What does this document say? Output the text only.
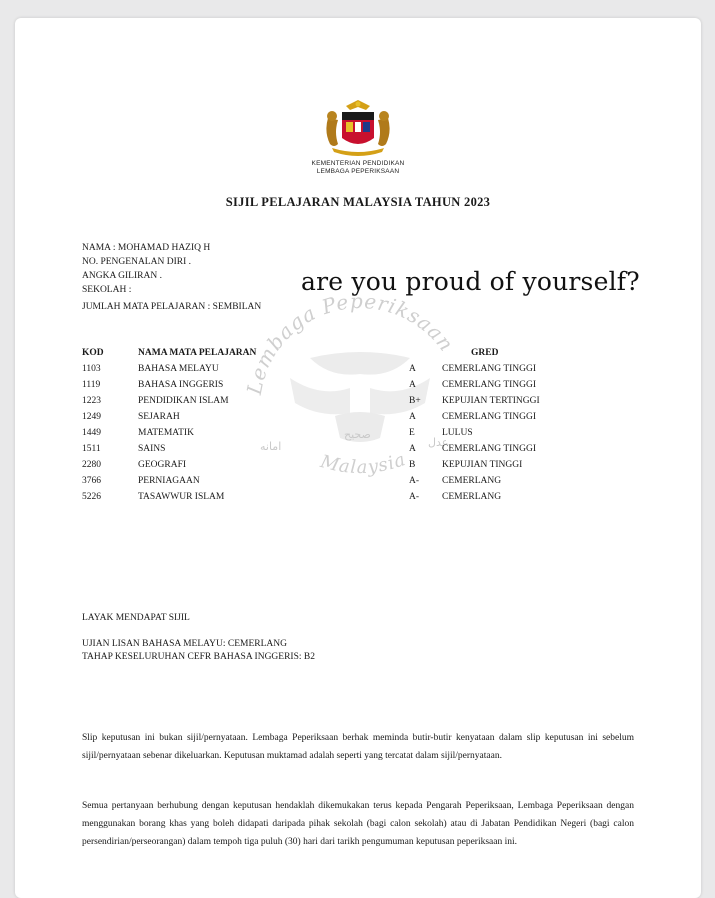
KEMENTERIAN PENDIDIKAN
LEMBAGA PEPERIKSAAN
SIJIL PELAJARAN MALAYSIA TAHUN 2023
NAMA : MOHAMAD HAZIQ H
NO. PENGENALAN DIRI .
ANGKA GILIRAN .
SEKOLAH :
JUMLAH MATA PELAJARAN : SEMBILAN
Lembaga Peperiksaan
Malaysia
امانه
صحيح
عدل
are you proud of yourself?
KOD	NAMA MATA PELAJARAN	GRED
1103	BAHASA MELAYU	A	CEMERLANG TINGGI
1119	BAHASA INGGERIS	A	CEMERLANG TINGGI
1223	PENDIDIKAN ISLAM	B+ KEPUJIAN TERTINGGI
1249	SEJARAH	A	CEMERLANG TINGGI
1449	MATEMATIK	E	LULUS
1511	SAINS	A	CEMERLANG TINGGI
2280	GEOGRAFI	B	KEPUJIAN TINGGI
3766	PERNIAGAAN	A- CEMERLANG
5226	TASAWWUR ISLAM	A- CEMERLANG
LAYAK MENDAPAT SIJIL
UJIAN LISAN BAHASA MELAYU: CEMERLANG
TAHAP KESELURUHAN CEFR BAHASA INGGERIS: B2
Slip keputusan ini bukan sijil/pernyataan. Lembaga Peperiksaan berhak meminda butir-butir kenyataan dalam slip keputusan ini sebelum sijil/pernyataan sebenar dikeluarkan. Keputusan muktamad adalah seperti yang tercatat dalam sijil/pernyataan.
Semua pertanyaan berhubung dengan keputusan hendaklah dikemukakan terus kepada Pengarah Peperiksaan, Lembaga Peperiksaan dengan menggunakan borang khas yang boleh didapati daripada pihak sekolah (bagi calon sekolah) atau di Jabatan Pendidikan Negeri (bagi calon persendirian/perseorangan) dalam tempoh tiga puluh (30) hari dari tarikh pengumuman keputusan peperiksaan ini.
